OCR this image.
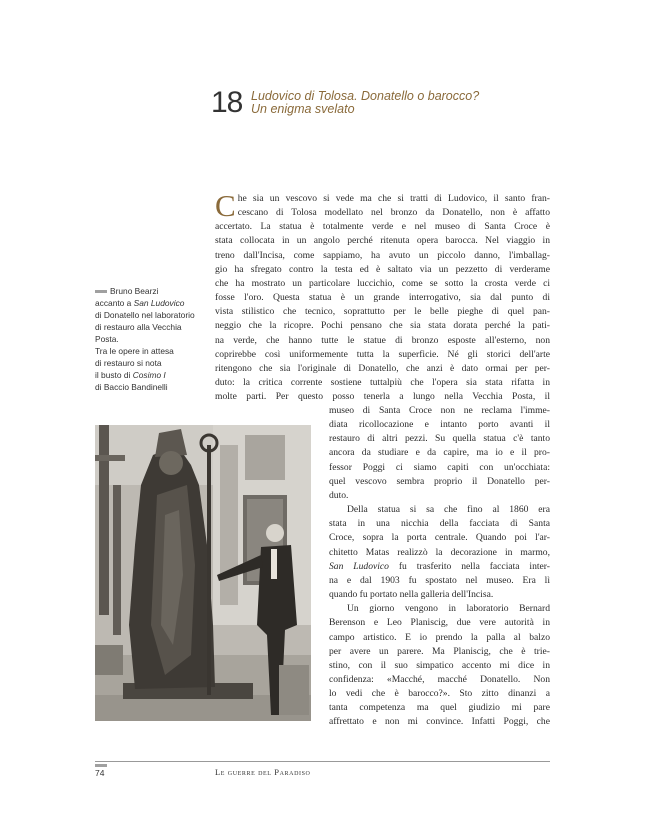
18 Ludovico di Tolosa. Donatello o barocco?
Un enigma svelato
Bruno Bearzi
accanto a San Ludovico
di Donatello nel laboratorio
di restauro alla Vecchia
Posta.
Tra le opere in attesa
di restauro si nota
il busto di Cosimo I
di Baccio Bandinelli
C he sia un vescovo si vede ma che si tratti di Ludovico, il santo fran-
cescano di Tolosa modellato nel bronzo da Donatello, non è affatto
accertato. La statua è totalmente verde e nel museo di Santa Croce è
stata collocata in un angolo perché ritenuta opera barocca. Nel viaggio in
treno dall'Incisa, come sappiamo, ha avuto un piccolo danno, l'imballag-
gio ha sfregato contro la testa ed è saltato via un pezzetto di verderame
che ha mostrato un particolare luccichio, come se sotto la crosta verde ci
fosse l'oro. Questa statua è un grande interrogativo, sia dal punto di
vista stilistico che tecnico, soprattutto per le belle pieghe di quel pan-
neggio che la ricopre. Pochi pensano che sia stata dorata perché la pati-
na verde, che hanno tutte le statue di bronzo esposte all'esterno, non
coprirebbe così uniformemente tutta la superficie. Né gli storici dell'arte
ritengono che sia l'originale di Donatello, che anzi è dato ormai per per-
duto: la critica corrente sostiene tuttalpiù che l'opera sia stata rifatta in
molte parti. Per questo posso tenerla a lungo nella Vecchia Posta, il
museo di Santa Croce non ne reclama l'imme-
diata ricollocazione e intanto porto avanti il
restauro di altri pezzi. Su quella statua c'è tanto
ancora da studiare e da capire, ma io e il pro-
fessor Poggi ci siamo capiti con un'occhiata:
quel vescovo sembra proprio il Donatello per-
duto.
Della statua si sa che fino al 1860 era
stata in una nicchia della facciata di Santa
Croce, sopra la porta centrale. Quando poi l'ar-
chitetto Matas realizzò la decorazione in marmo,
San Ludovico fu trasferito nella facciata inter-
na e dal 1903 fu spostato nel museo. Era lì
quando fu portato nella galleria dell'Incisa.
Un giorno vengono in laboratorio Bernard
Berenson e Leo Planiscig, due vere autorità in
campo artistico. E io prendo la palla al balzo
per avere un parere. Ma Planiscig, che è trie-
stino, con il suo simpatico accento mi dice in
confidenza: «Macché, macché Donatello. Non
lo vedi che è barocco?». Sto zitto dinanzi a
tanta competenza ma quel giudizio mi pare
affrettato e non mi convince. Infatti Poggi, che
74	Le guerre del Paradiso
